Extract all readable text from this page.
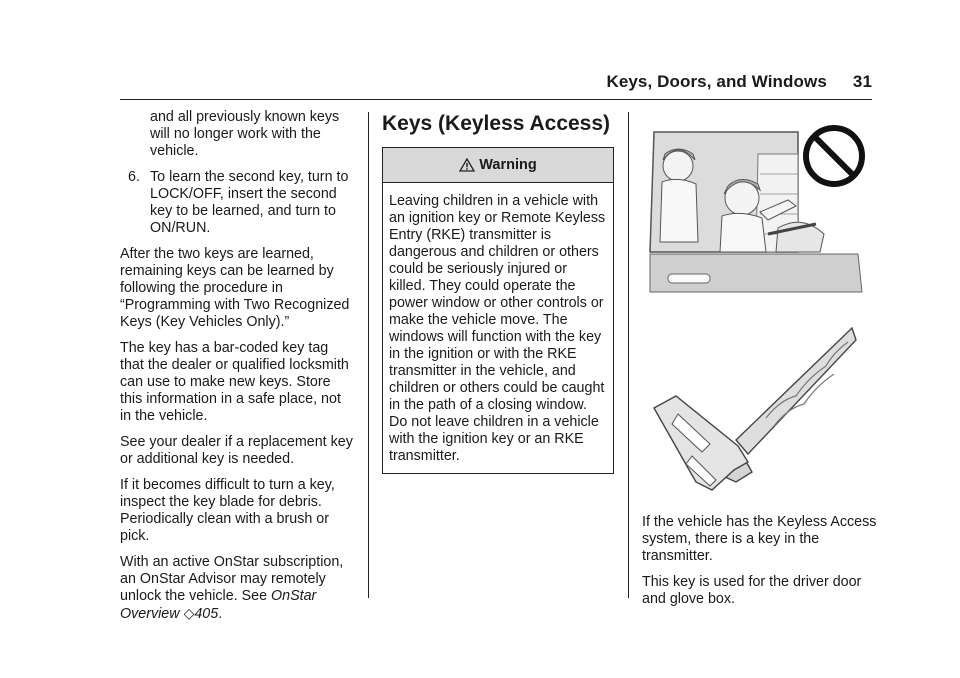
Keys, Doors, and Windows 31

and all previously known keys will no longer work with the vehicle.

6. To learn the second key, turn to LOCK/OFF, insert the second key to be learned, and turn to ON/RUN.

After the two keys are learned, remaining keys can be learned by following the procedure in “Programming with Two Recognized Keys (Key Vehicles Only).”

The key has a bar-coded key tag that the dealer or qualified locksmith can use to make new keys. Store this information in a safe place, not in the vehicle.

See your dealer if a replacement key or additional key is needed.

If it becomes difficult to turn a key, inspect the key blade for debris. Periodically clean with a brush or pick.

With an active OnStar subscription, an OnStar Advisor may remotely unlock the vehicle. See OnStar Overview ◇405.

Keys (Keyless Access)
Warning
Leaving children in a vehicle with an ignition key or Remote Keyless Entry (RKE) transmitter is dangerous and children or others could be seriously injured or killed. They could operate the power window or other controls or make the vehicle move. The windows will function with the key in the ignition or with the RKE transmitter in the vehicle, and children or others could be caught in the path of a closing window. Do not leave children in a vehicle with the ignition key or an RKE transmitter.

If the vehicle has the Keyless Access system, there is a key in the transmitter.

This key is used for the driver door and glove box.
